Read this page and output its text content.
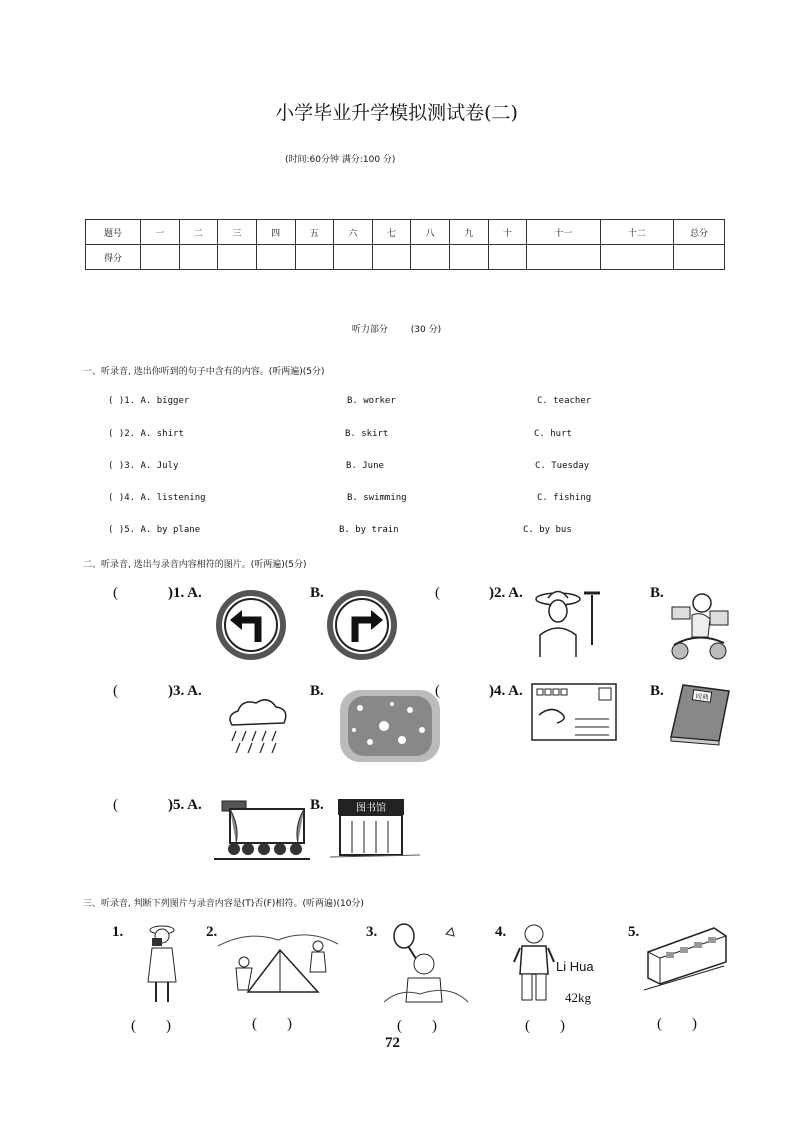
小学毕业升学模拟测试卷(二)
(时间:60分钟 满分:100 分)
题号	一	二	三	四	五	六	七	八	九	十	十一	十二	总分
得分													
听力部分        (30 分)
一、听录音, 选出你听到的句子中含有的内容。(听两遍)(5分)
( )1. A. bigger	B. worker	C. teacher
( )2. A. shirt	B. skirt	C. hurt
( )3. A. July	B. June	C. Tuesday
( )4. A. listening	B. swimming	C. fishing
( )5. A. by plane	B. by train	C. by bus
二、听录音, 选出与录音内容相符的图片。(听两遍)(5分)
(	)1. A.	B.	(	)2. A.	B.
(	)3. A.	B.	(	)4. A.	B.	词典
(	)5. A.	B.	图书馆
三、听录音, 判断下列图片与录音内容是(T)否(F)相符。(听两遍)(10分)
1.	2.	3.	4.	5.
Li Hua
42kg
(        )	(        )	(        )	(        )	(        )
72
